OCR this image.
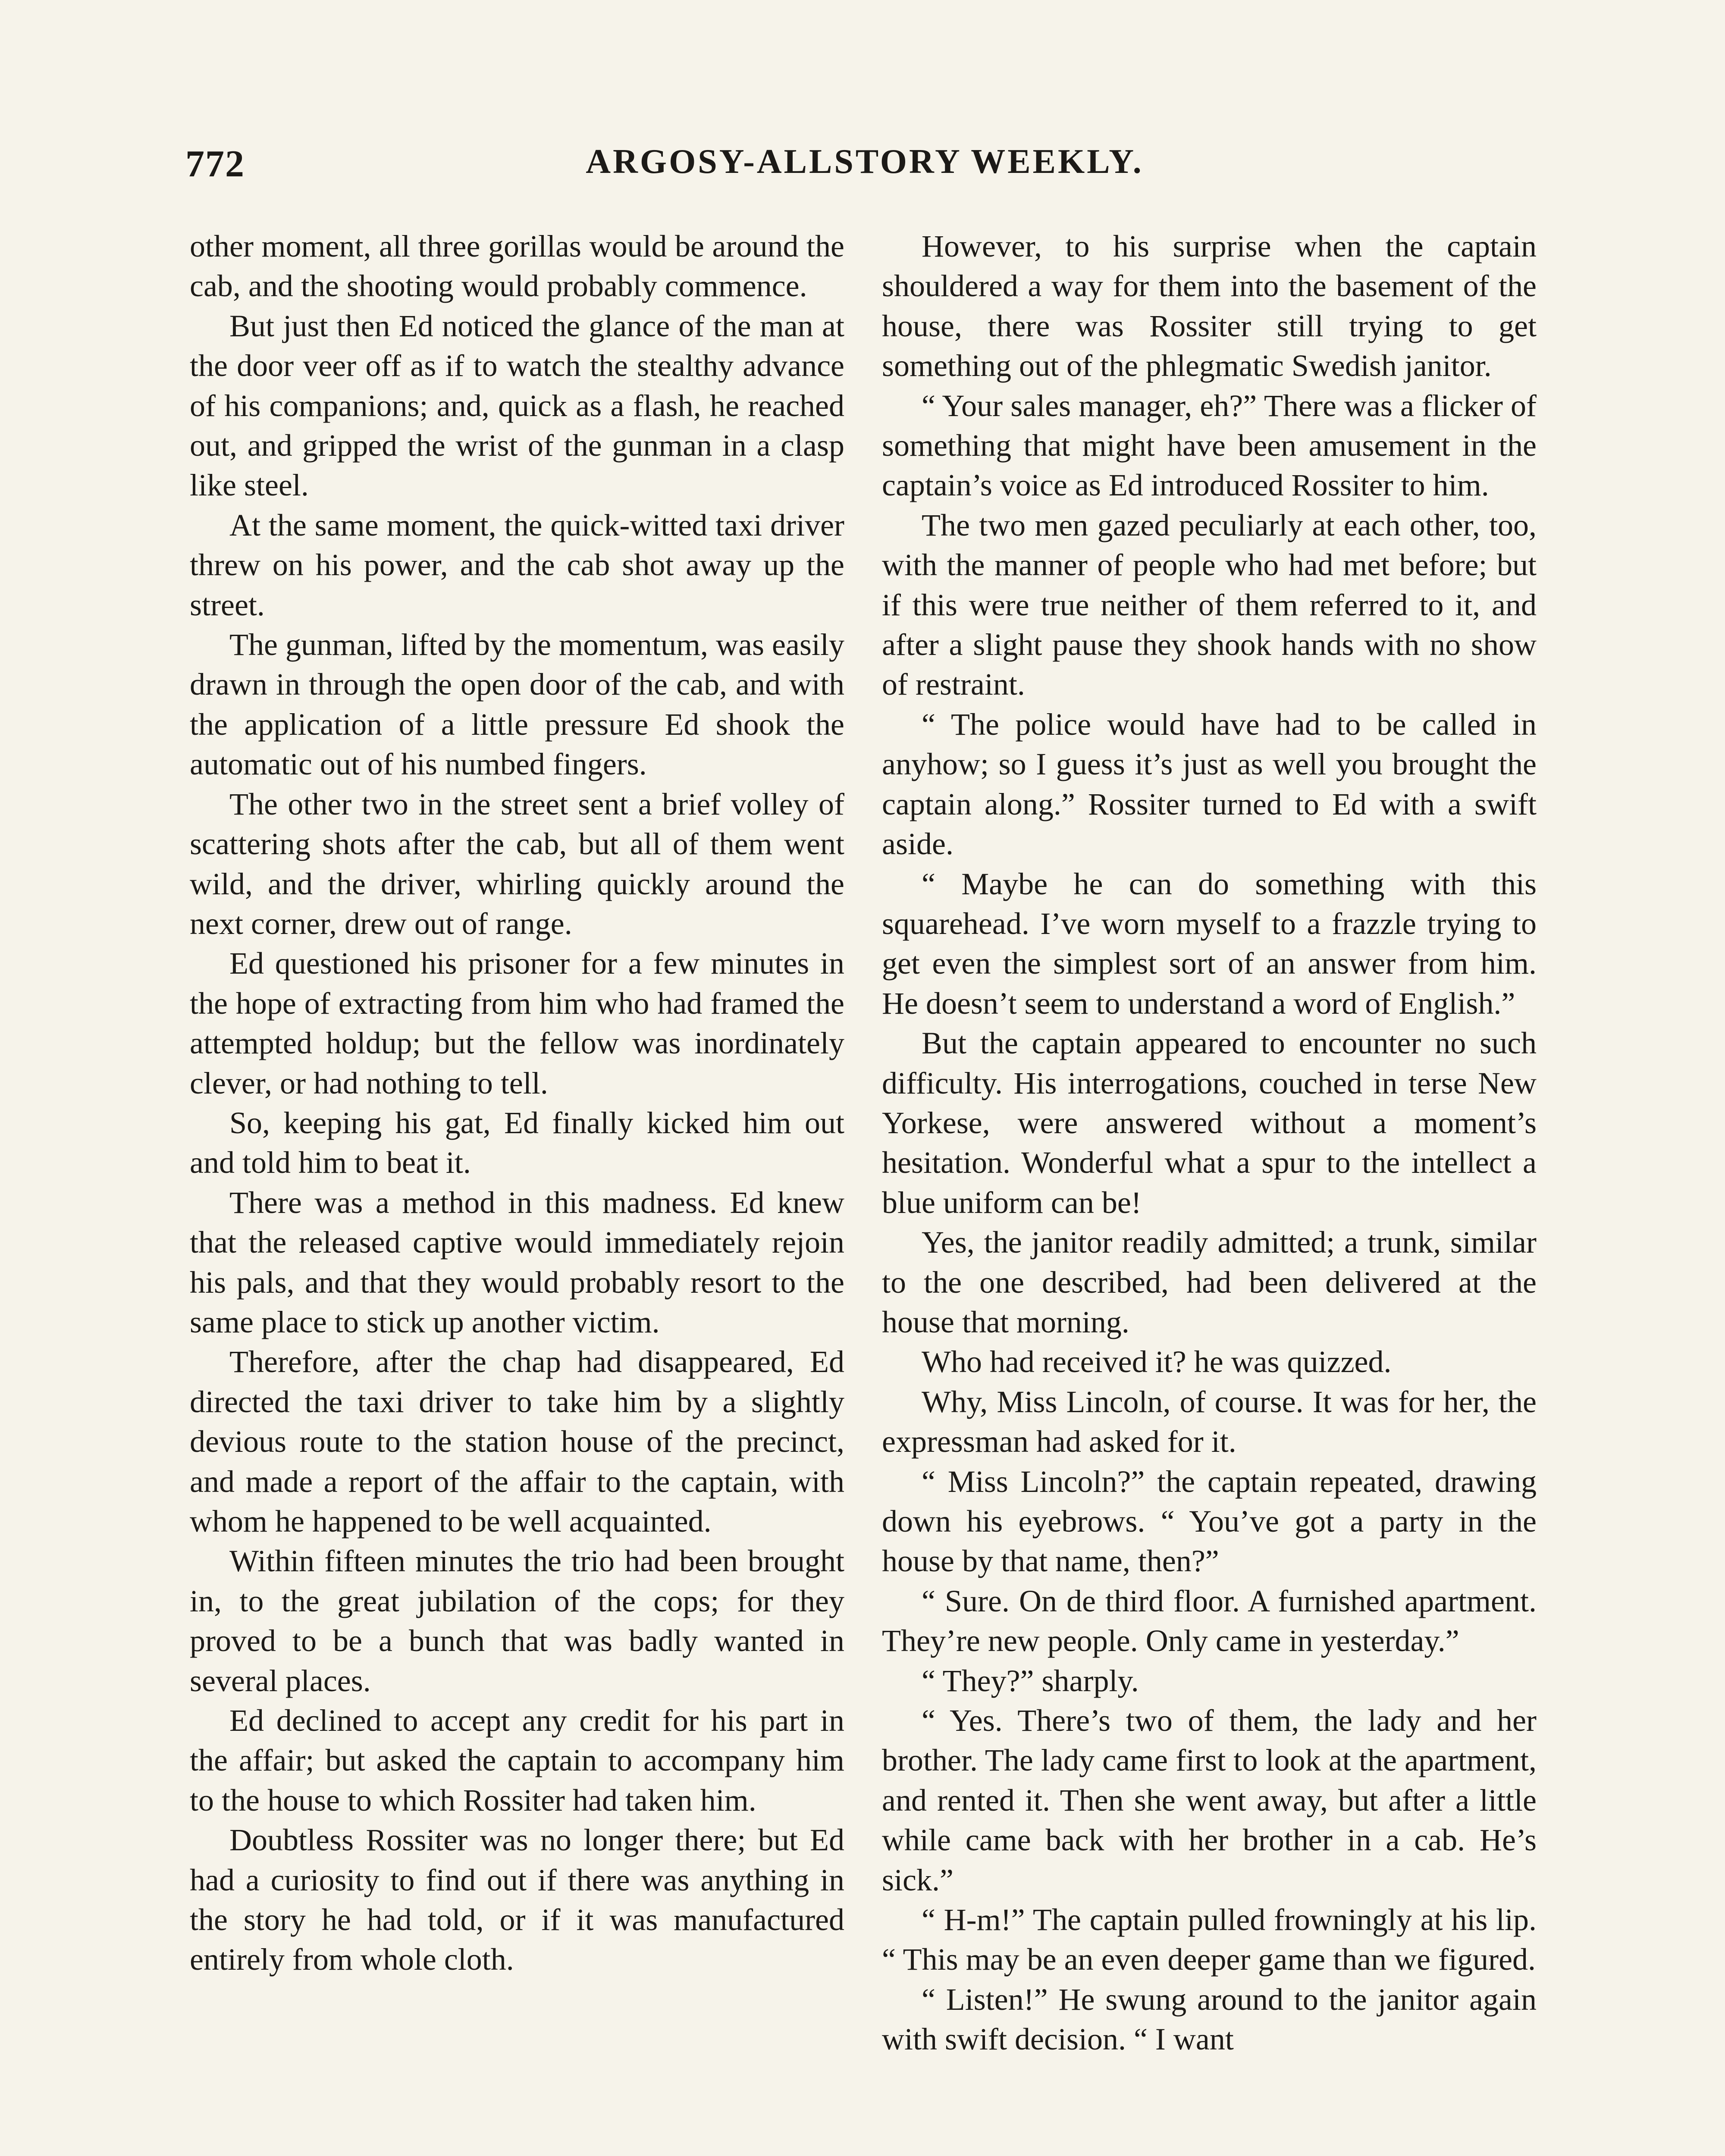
772	ARGOSY-ALLSTORY WEEKLY.

other moment, all three gorillas would be around the cab, and the shooting would probably commence.

But just then Ed noticed the glance of the man at the door veer off as if to watch the stealthy advance of his companions; and, quick as a flash, he reached out, and gripped the wrist of the gunman in a clasp like steel.

At the same moment, the quick-witted taxi driver threw on his power, and the cab shot away up the street.

The gunman, lifted by the momentum, was easily drawn in through the open door of the cab, and with the application of a little pressure Ed shook the automatic out of his numbed fingers.

The other two in the street sent a brief volley of scattering shots after the cab, but all of them went wild, and the driver, whirling quickly around the next corner, drew out of range.

Ed questioned his prisoner for a few minutes in the hope of extracting from him who had framed the attempted holdup; but the fellow was inordinately clever, or had nothing to tell.

So, keeping his gat, Ed finally kicked him out and told him to beat it.

There was a method in this madness. Ed knew that the released captive would immediately rejoin his pals, and that they would probably resort to the same place to stick up another victim.

Therefore, after the chap had disappeared, Ed directed the taxi driver to take him by a slightly devious route to the station house of the precinct, and made a report of the affair to the captain, with whom he happened to be well acquainted.

Within fifteen minutes the trio had been brought in, to the great jubilation of the cops; for they proved to be a bunch that was badly wanted in several places.

Ed declined to accept any credit for his part in the affair; but asked the captain to accompany him to the house to which Rossiter had taken him.

Doubtless Rossiter was no longer there; but Ed had a curiosity to find out if there was anything in the story he had told, or if it was manufactured entirely from whole cloth.

However, to his surprise when the captain shouldered a way for them into the basement of the house, there was Rossiter still trying to get something out of the phlegmatic Swedish janitor.

“ Your sales manager, eh?” There was a flicker of something that might have been amusement in the captain’s voice as Ed introduced Rossiter to him.

The two men gazed peculiarly at each other, too, with the manner of people who had met before; but if this were true neither of them referred to it, and after a slight pause they shook hands with no show of restraint.

“ The police would have had to be called in anyhow; so I guess it’s just as well you brought the captain along.” Rossiter turned to Ed with a swift aside.

“ Maybe he can do something with this squarehead. I’ve worn myself to a frazzle trying to get even the simplest sort of an answer from him. He doesn’t seem to understand a word of English.”

But the captain appeared to encounter no such difficulty. His interrogations, couched in terse New Yorkese, were answered without a moment’s hesitation. Wonderful what a spur to the intellect a blue uniform can be!

Yes, the janitor readily admitted; a trunk, similar to the one described, had been delivered at the house that morning.

Who had received it? he was quizzed.

Why, Miss Lincoln, of course. It was for her, the expressman had asked for it.

“ Miss Lincoln?” the captain repeated, drawing down his eyebrows. “ You’ve got a party in the house by that name, then?”

“ Sure. On de third floor. A furnished apartment. They’re new people. Only came in yesterday.”

“ They?” sharply.

“ Yes. There’s two of them, the lady and her brother. The lady came first to look at the apartment, and rented it. Then she went away, but after a little while came back with her brother in a cab. He’s sick.”

“ H-m!” The captain pulled frowningly at his lip. “ This may be an even deeper game than we figured.

“ Listen!” He swung around to the janitor again with swift decision. “ I want
